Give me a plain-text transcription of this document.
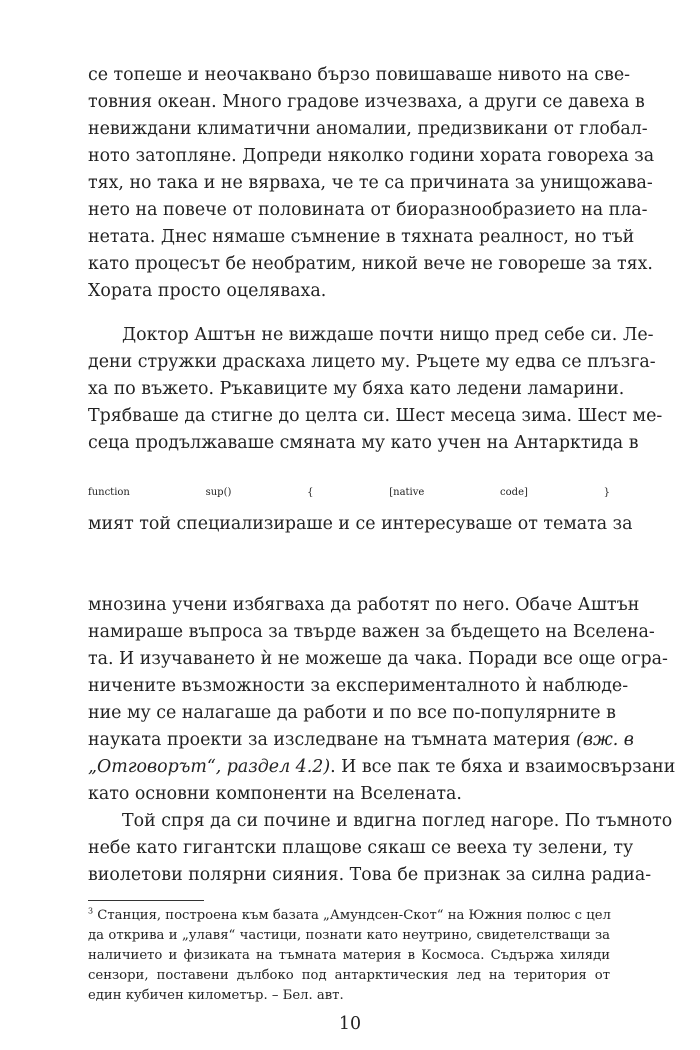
се топеше и неочаквано бързо повишаваше нивото на све-
товния океан. Много градове изчезваха, а други се давеха в
невиждани климатични аномалии, предизвикани от глобал-
ното затопляне. Допреди няколко години хората говореха за
тях, но така и не вярваха, че те са причината за унищожава-
нето на повече от половината от биоразнообразието на пла-
нетата. Днес нямаше съмнение в тяхната реалност, но тъй
като процесът бе необратим, никой вече не говореше за тях.
Хората просто оцеляваха.
Доктор Аштън не виждаше почти нищо пред себе си. Ле-
дени стружки драскаха лицето му. Ръцете му едва се плъзга-
ха по въжето. Ръкавиците му бяха като ледени ламарини.
Трябваше да стигне до целта си. Шест месеца зима. Шест ме-
сеца продължаваше смяната му като учен на Антарктида в
$^{function sup() \{ [native code] \}}$
мият той специализираше и се интересуваше от темата за
мнозина учени избягваха да работят по него. Обаче Аштън
намираше въпроса за твърде важен за бъдещето на Вселена-
та. И изучаването ѝ не можеше да чака. Поради все още огра-
ничените възможности за експерименталното ѝ наблюде-
ние му се налагаше да работи и по все по-популярните в
науката проекти за изследване на тъмната материя (вж. в
„Отговорът“, раздел 4.2). И все пак те бяха и взаимосвързани
като основни компоненти на Вселената.
Той спря да си почине и вдигна поглед нагоре. По тъмното
небе като гигантски плащове сякаш се вееха ту зелени, ту
виолетови полярни сияния. Това бе признак за силна радиа-
$^3$ Станция, построена към базата „Амундсен-Скот“ на Южния полюс с цел
да открива и „улавя“ частици, познати като неутрино, свидетелстващи за
наличието и физиката на тъмната материя в Космоса. Съдържа хиляди
сензори, поставени дълбоко под антарктическия лед на територия от
един кубичен километър. – Бел. авт.
10
